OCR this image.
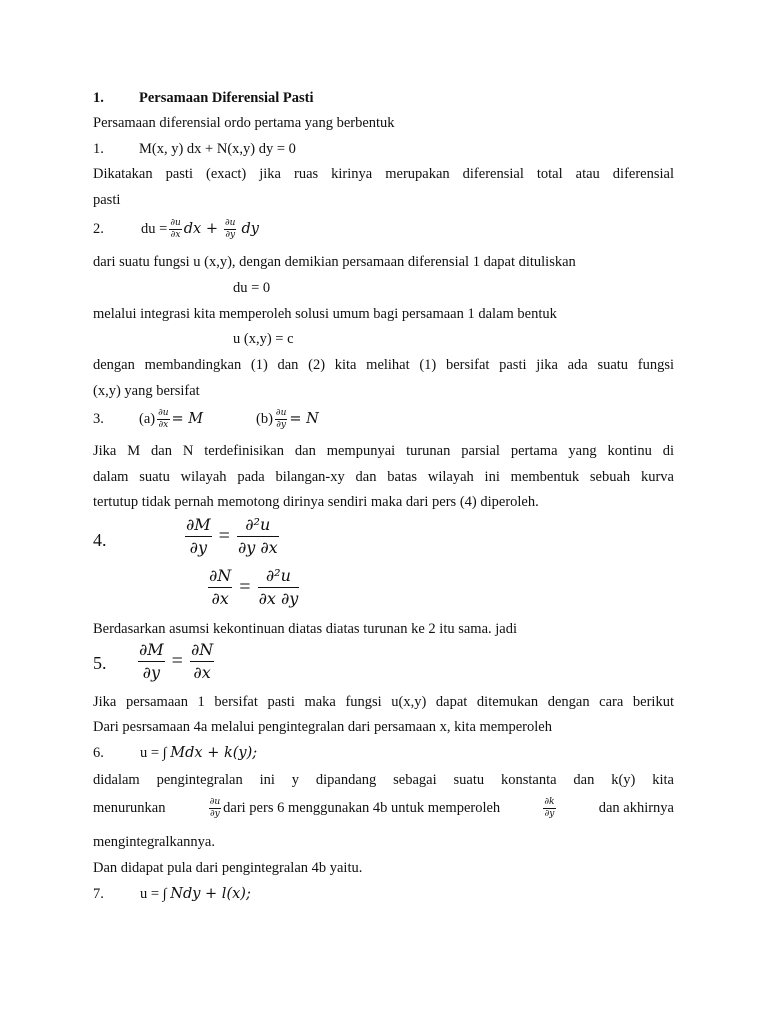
1. Persamaan Diferensial Pasti
Persamaan diferensial ordo pertama yang berbentuk
1. M(x, y) dx + N(x,y) dy = 0
Dikatakan pasti (exact) jika ruas kirinya merupakan diferensial total atau diferensial
pasti
2.	du = $\frac{\partial u}{\partial x}$ dx + $\frac{\partial u}{\partial y}$ dy
dari suatu fungsi u (x,y), dengan demikian persamaan diferensial 1 dapat dituliskan
du = 0
melalui integrasi kita memperoleh solusi umum bagi persamaan 1 dalam bentuk
u (x,y) = c
dengan membandingkan (1) dan (2) kita melihat (1) bersifat pasti jika ada suatu fungsi
(x,y) yang bersifat
3. $(a) \frac{\partial u}{\partial x} = M$	$(b) \frac{\partial u}{\partial y} = N$
Jika M dan N terdefinisikan dan mempunyai turunan parsial pertama yang kontinu di
dalam suatu wilayah pada bilangan-xy dan batas wilayah ini membentuk sebuah kurva
tertutup tidak pernah memotong dirinya sendiri maka dari pers (4) diperoleh.
4.	$\frac{\partial M}{\partial y} = \frac{\text{∂²u}}{\partial y \partial x}$
$\frac{\partial N}{\partial x} = \frac{\text{∂²u}}{\partial x \partial y}$
Berdasarkan asumsi kekontinuan diatas diatas turunan ke 2 itu sama. jadi
5. $\frac{\partial M}{\partial y} = \frac{\partial N}{\partial x}$
Jika persamaan 1 bersifat pasti maka fungsi u(x,y) dapat ditemukan dengan cara berikut
Dari pesrsamaan 4a melalui pengintegralan dari persamaan x, kita memperoleh
6. u = ∫ Mdx + k(y);
didalam pengintegralan ini y dipandang sebagai suatu konstanta dan k(y) kita
menurunkan	$\frac{\partial u}{\partial y}$ dari pers 6 menggunakan 4b untuk memperoleh	$\frac{\partial k}{\partial y}$	dan akhirnya
mengintegralkannya.
Dan didapat pula dari pengintegralan 4b yaitu.
7. u = ∫ Ndy + l(x);
